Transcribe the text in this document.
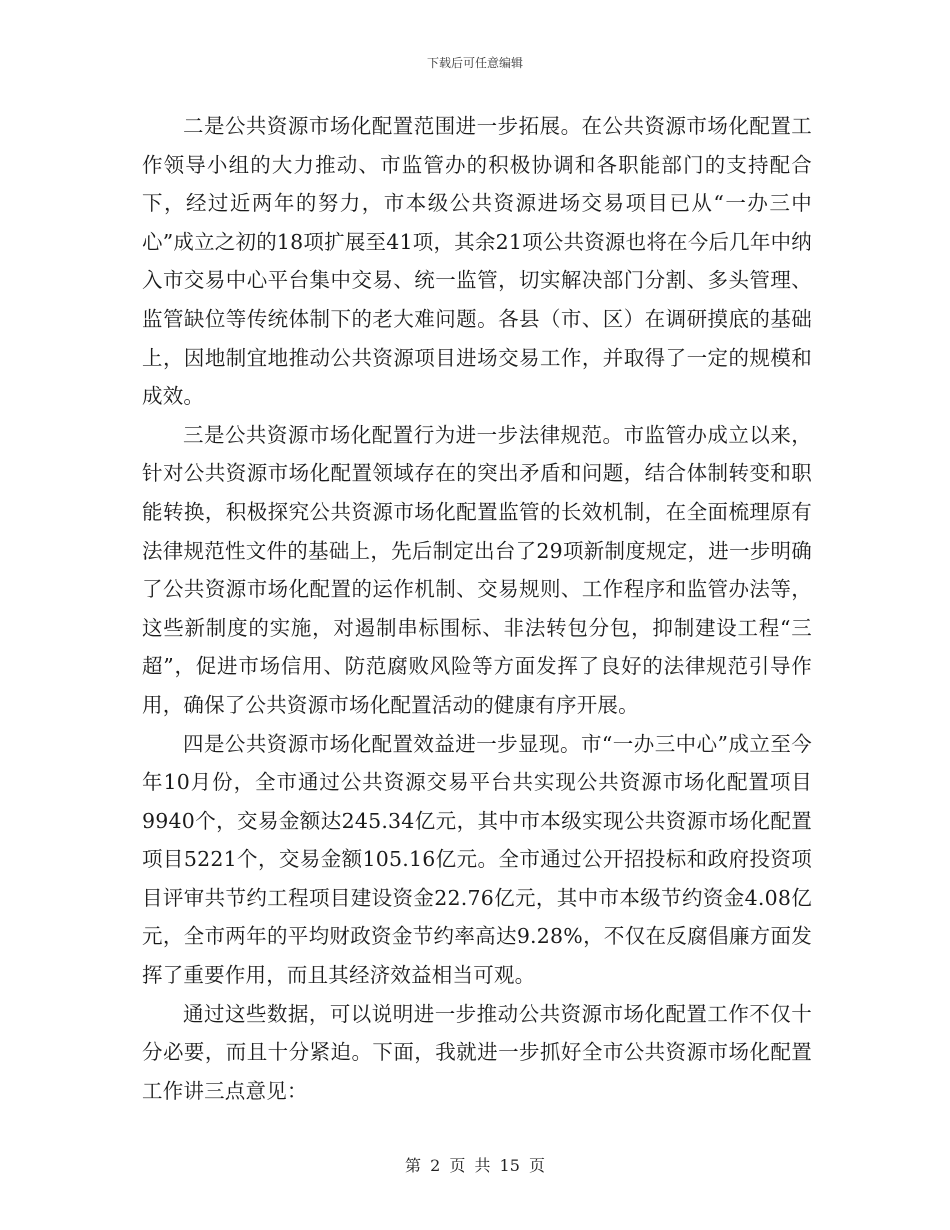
下载后可任意编辑

二是公共资源市场化配置范围进一步拓展。在公共资源市场化配置工作领导小组的大力推动、市监管办的积极协调和各职能部门的支持配合下，经过近两年的努力，市本级公共资源进场交易项目已从“一办三中心”成立之初的18项扩展至41项，其余21项公共资源也将在今后几年中纳入市交易中心平台集中交易、统一监管，切实解决部门分割、多头管理、监管缺位等传统体制下的老大难问题。各县（市、区）在调研摸底的基础上，因地制宜地推动公共资源项目进场交易工作，并取得了一定的规模和成效。

三是公共资源市场化配置行为进一步法律规范。市监管办成立以来，针对公共资源市场化配置领域存在的突出矛盾和问题，结合体制转变和职能转换，积极探究公共资源市场化配置监管的长效机制，在全面梳理原有法律规范性文件的基础上，先后制定出台了29项新制度规定，进一步明确了公共资源市场化配置的运作机制、交易规则、工作程序和监管办法等，这些新制度的实施，对遏制串标围标、非法转包分包，抑制建设工程“三超”，促进市场信用、防范腐败风险等方面发挥了良好的法律规范引导作用，确保了公共资源市场化配置活动的健康有序开展。

四是公共资源市场化配置效益进一步显现。市“一办三中心”成立至今年10月份，全市通过公共资源交易平台共实现公共资源市场化配置项目9940个，交易金额达245.34亿元，其中市本级实现公共资源市场化配置项目5221个，交易金额105.16亿元。全市通过公开招投标和政府投资项目评审共节约工程项目建设资金22.76亿元，其中市本级节约资金4.08亿元，全市两年的平均财政资金节约率高达9.28%，不仅在反腐倡廉方面发挥了重要作用，而且其经济效益相当可观。

通过这些数据，可以说明进一步推动公共资源市场化配置工作不仅十分必要，而且十分紧迫。下面，我就进一步抓好全市公共资源市场化配置工作讲三点意见：

第 2 页 共 15 页
